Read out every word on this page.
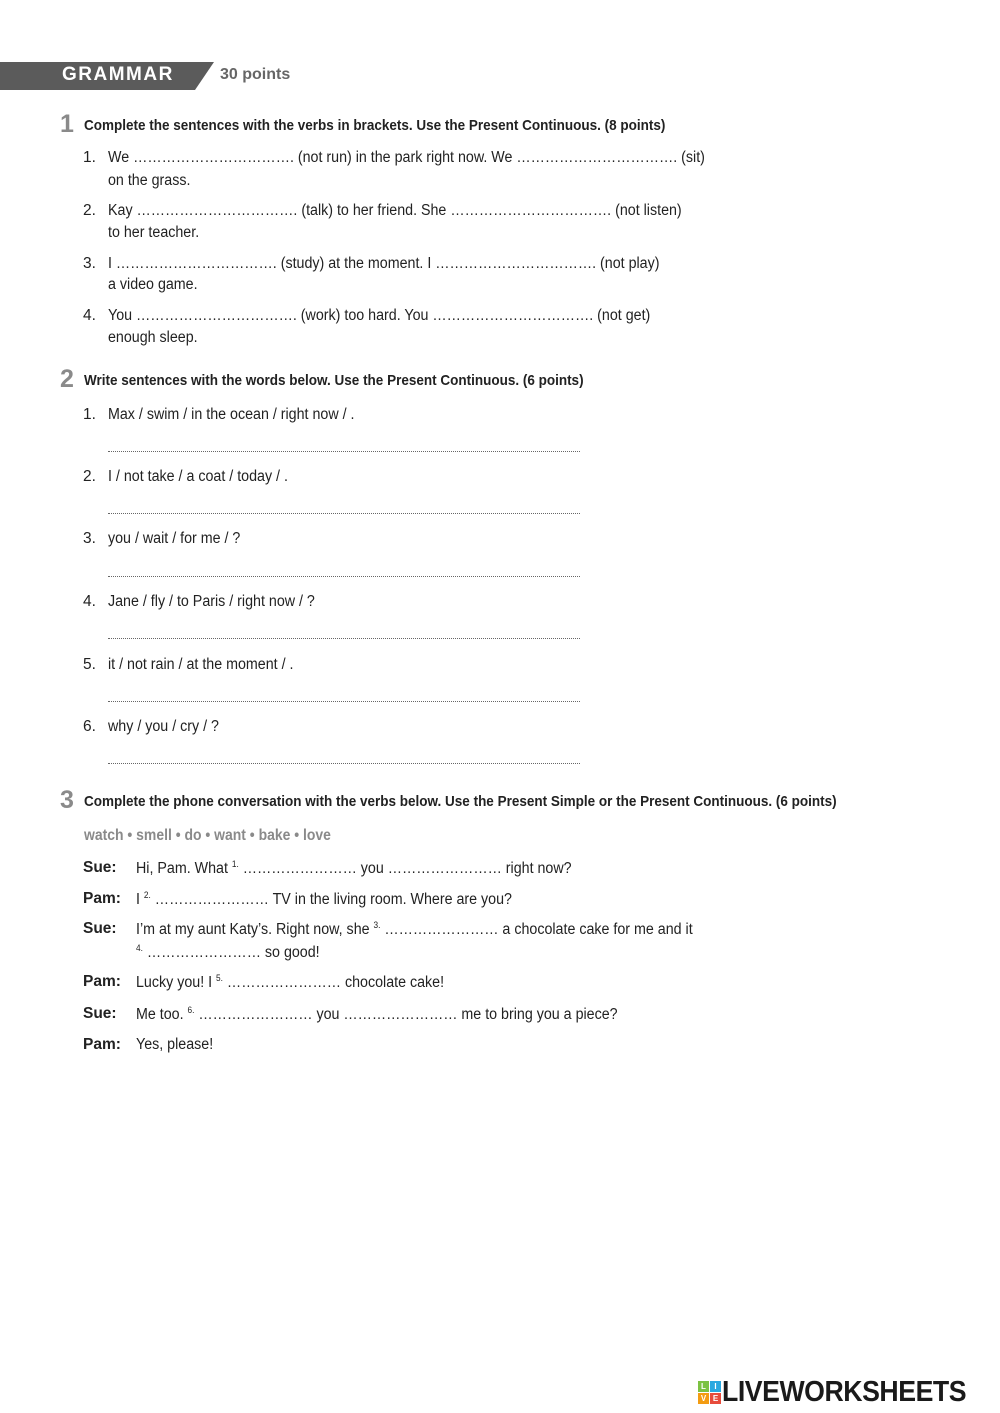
GRAMMAR	30 points
1 Complete the sentences with the verbs in brackets. Use the Present Continuous. (8 points)
1. We ……………………………. (not run) in the park right now. We ……………………………. (sit)
on the grass.
2. Kay ……………………………. (talk) to her friend. She ……………………………. (not listen)
to her teacher.
3. I ……………………………. (study) at the moment. I ……………………………. (not play)
a video game.
4. You ……………………………. (work) too hard. You ……………………………. (not get)
enough sleep.
2 Write sentences with the words below. Use the Present Continuous. (6 points)
1. Max / swim / in the ocean / right now / .
2. I / not take / a coat / today / .
3. you / wait / for me / ?
4. Jane / fly / to Paris / right now / ?
5. it / not rain / at the moment / .
6. why / you / cry / ?
3 Complete the phone conversation with the verbs below. Use the Present Simple or the Present Continuous. (6 points)
watch • smell • do • want • bake • love
Sue: Hi, Pam. What $^{1.}$ …………………… you …………………… right now?
Pam: I $^{2.}$ …………………… TV in the living room. Where are you?
Sue: I’m at my aunt Katy’s. Right now, she $^{3.}$ …………………… a chocolate cake for me and it
$^{4.}$ …………………… so good!
Pam: Lucky you! I $^{5.}$ …………………… chocolate cake!
Sue: Me too. $^{6.}$ …………………… you …………………… me to bring you a piece?
Pam: Yes, please!
L	I
V E LIVEWORKSHEETS
